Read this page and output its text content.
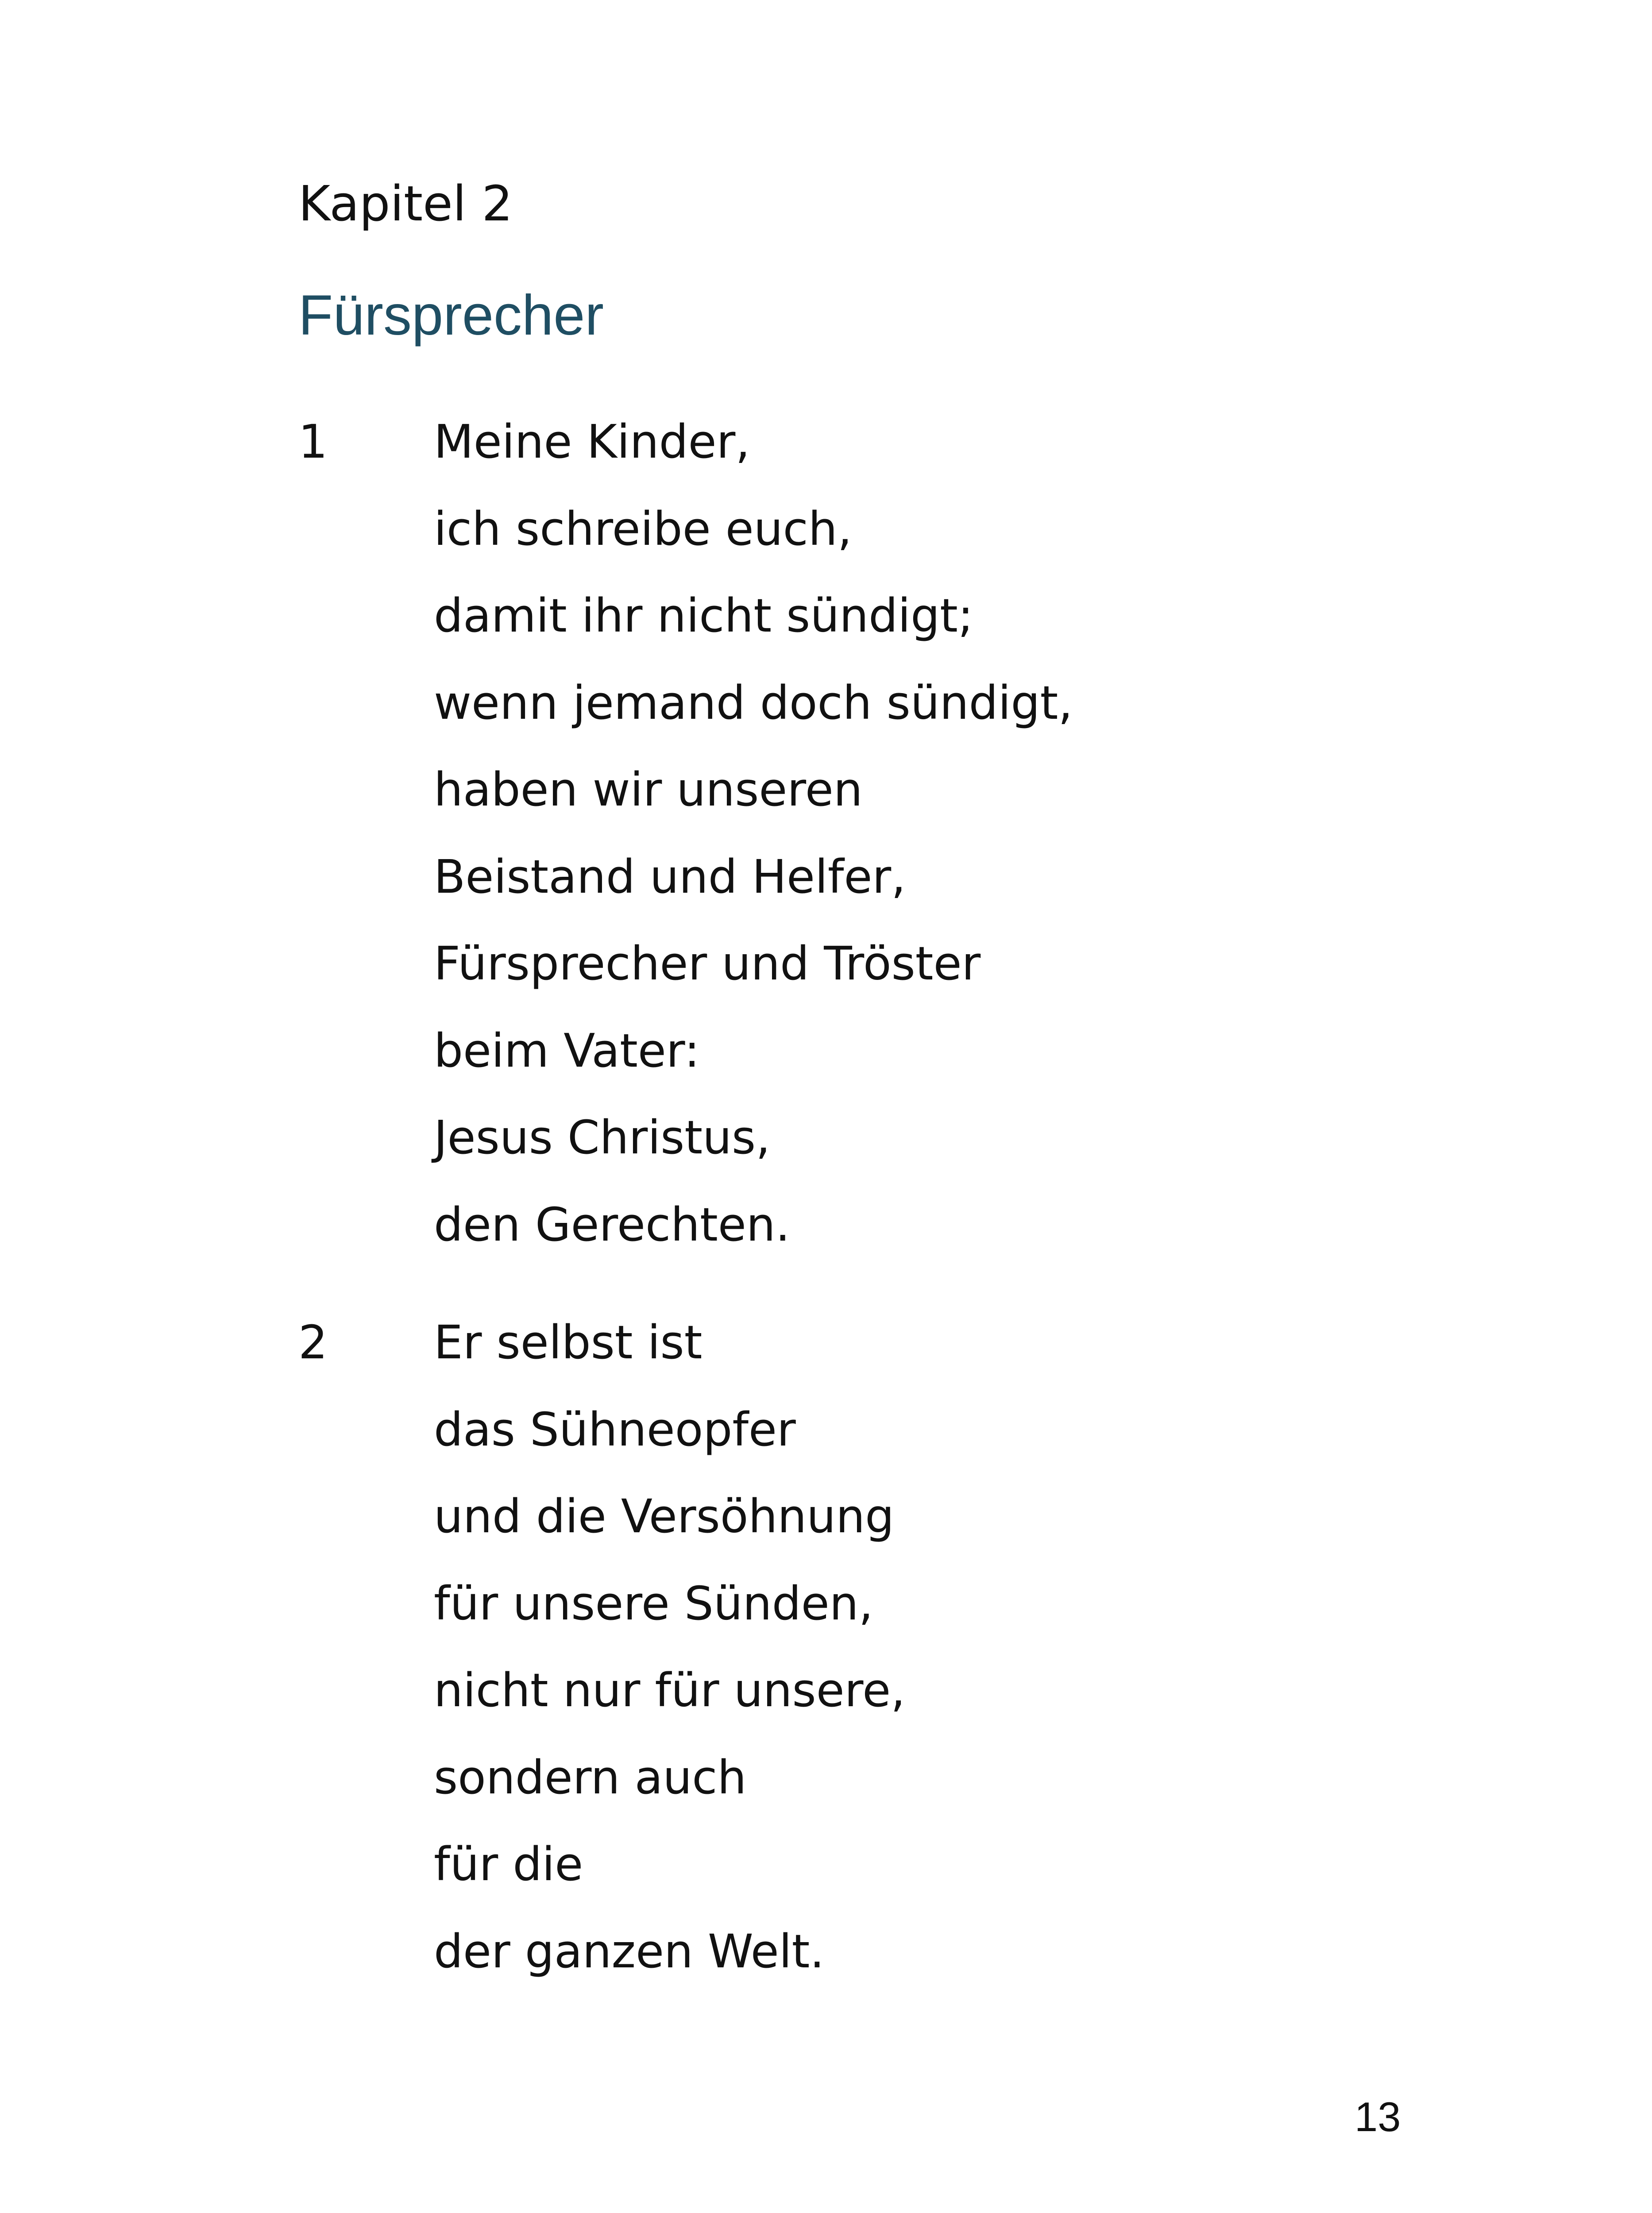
Kapitel 2
Fürsprecher
1 Meine Kinder,
ich schreibe euch,
damit ihr nicht sündigt;
wenn jemand doch sündigt,
haben wir unseren
Beistand und Helfer,
Fürsprecher und Tröster
beim Vater:
Jesus Christus,
den Gerechten.
2 Er selbst ist
das Sühneopfer
und die Versöhnung
für unsere Sünden,
nicht nur für unsere,
sondern auch
für die
der ganzen Welt.
13
